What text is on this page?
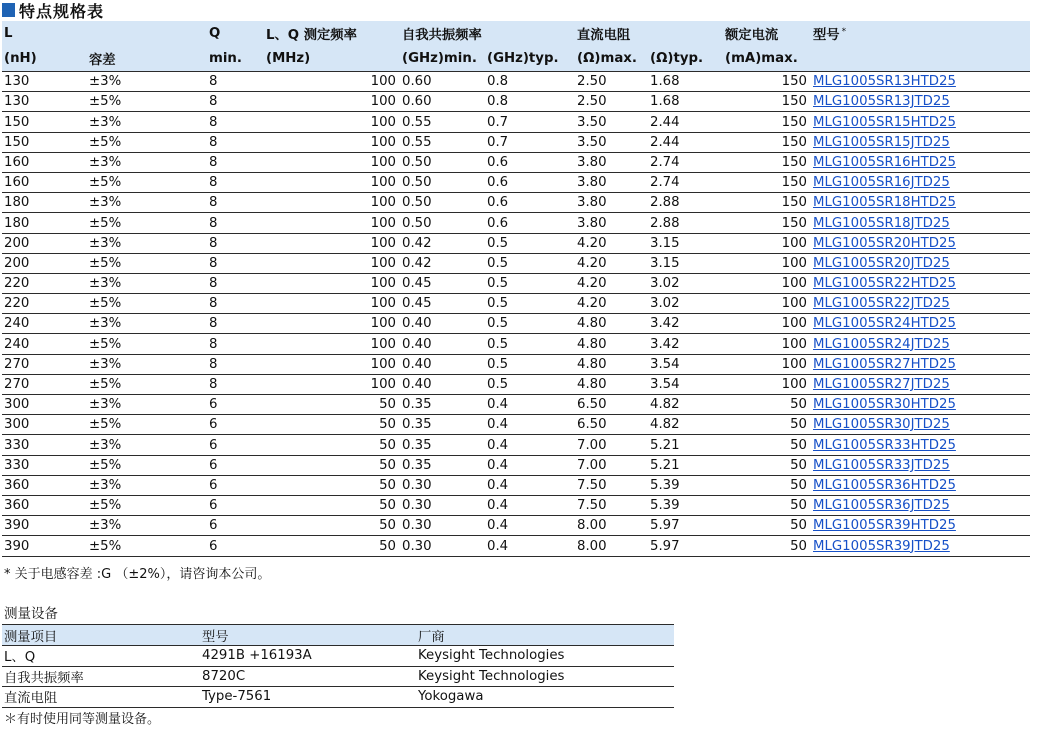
特点规格表
L		Q	L、Q 测定频率	自我共振频率		直流电阻		额定电流	型号 *
(nH)	容差	min.	(MHz)	(GHz)min.	(GHz)typ.	(Ω)max.	(Ω)typ.	(mA)max.	
130	±3%	8	100	0.60	0.8	2.50	1.68	150	MLG1005SR13HTD25
130	±5%	8	100	0.60	0.8	2.50	1.68	150	MLG1005SR13JTD25
150	±3%	8	100	0.55	0.7	3.50	2.44	150	MLG1005SR15HTD25
150	±5%	8	100	0.55	0.7	3.50	2.44	150	MLG1005SR15JTD25
160	±3%	8	100	0.50	0.6	3.80	2.74	150	MLG1005SR16HTD25
160	±5%	8	100	0.50	0.6	3.80	2.74	150	MLG1005SR16JTD25
180	±3%	8	100	0.50	0.6	3.80	2.88	150	MLG1005SR18HTD25
180	±5%	8	100	0.50	0.6	3.80	2.88	150	MLG1005SR18JTD25
200	±3%	8	100	0.42	0.5	4.20	3.15	100	MLG1005SR20HTD25
200	±5%	8	100	0.42	0.5	4.20	3.15	100	MLG1005SR20JTD25
220	±3%	8	100	0.45	0.5	4.20	3.02	100	MLG1005SR22HTD25
220	±5%	8	100	0.45	0.5	4.20	3.02	100	MLG1005SR22JTD25
240	±3%	8	100	0.40	0.5	4.80	3.42	100	MLG1005SR24HTD25
240	±5%	8	100	0.40	0.5	4.80	3.42	100	MLG1005SR24JTD25
270	±3%	8	100	0.40	0.5	4.80	3.54	100	MLG1005SR27HTD25
270	±5%	8	100	0.40	0.5	4.80	3.54	100	MLG1005SR27JTD25
300	±3%	6	50	0.35	0.4	6.50	4.82	50	MLG1005SR30HTD25
300	±5%	6	50	0.35	0.4	6.50	4.82	50	MLG1005SR30JTD25
330	±3%	6	50	0.35	0.4	7.00	5.21	50	MLG1005SR33HTD25
330	±5%	6	50	0.35	0.4	7.00	5.21	50	MLG1005SR33JTD25
360	±3%	6	50	0.30	0.4	7.50	5.39	50	MLG1005SR36HTD25
360	±5%	6	50	0.30	0.4	7.50	5.39	50	MLG1005SR36JTD25
390	±3%	6	50	0.30	0.4	8.00	5.97	50	MLG1005SR39HTD25
390	±5%	6	50	0.30	0.4	8.00	5.97	50	MLG1005SR39JTD25
* 关于电感容差 :G （±2%），请咨询本公司。
测量设备
测量项目	型号	厂商
L、Q	4291B +16193A	Keysight Technologies
自我共振频率	8720C	Keysight Technologies
直流电阻	Type-7561	Yokogawa
＊有时使用同等测量设备。
